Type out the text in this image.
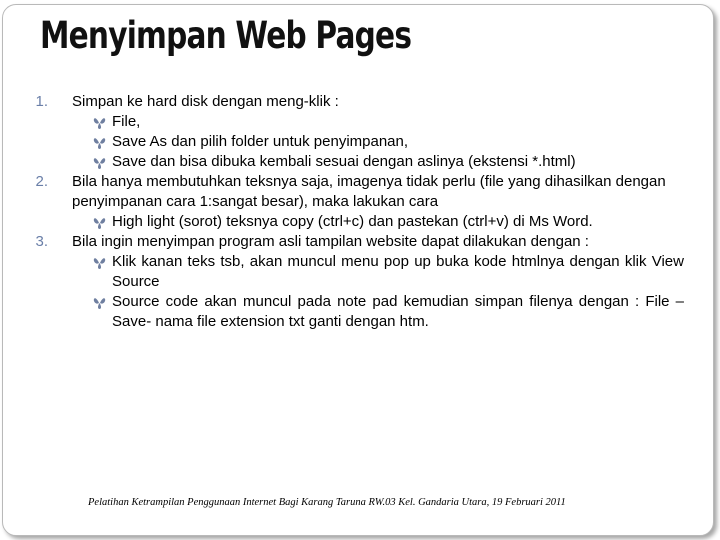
Menyimpan Web Pages
1. Simpan ke hard disk dengan meng-klik :
File,
Save As dan pilih folder untuk penyimpanan,
Save dan bisa dibuka kembali sesuai dengan aslinya (ekstensi *.html)
2. Bila hanya membutuhkan teksnya saja, imagenya tidak perlu (file yang dihasilkan dengan penyimpanan cara 1:sangat besar), maka lakukan cara
High light (sorot) teksnya copy (ctrl+c) dan pastekan (ctrl+v) di Ms Word.
3. Bila ingin menyimpan program asli tampilan website dapat dilakukan dengan :
Klik kanan teks tsb, akan muncul menu pop up buka kode htmlnya dengan klik View Source
Source code akan muncul pada note pad kemudian simpan filenya dengan : File – Save- nama file extension txt ganti dengan htm.
Pelatihan Ketrampilan Penggunaan Internet Bagi Karang Taruna RW.03 Kel. Gandaria Utara, 19 Februari 2011
